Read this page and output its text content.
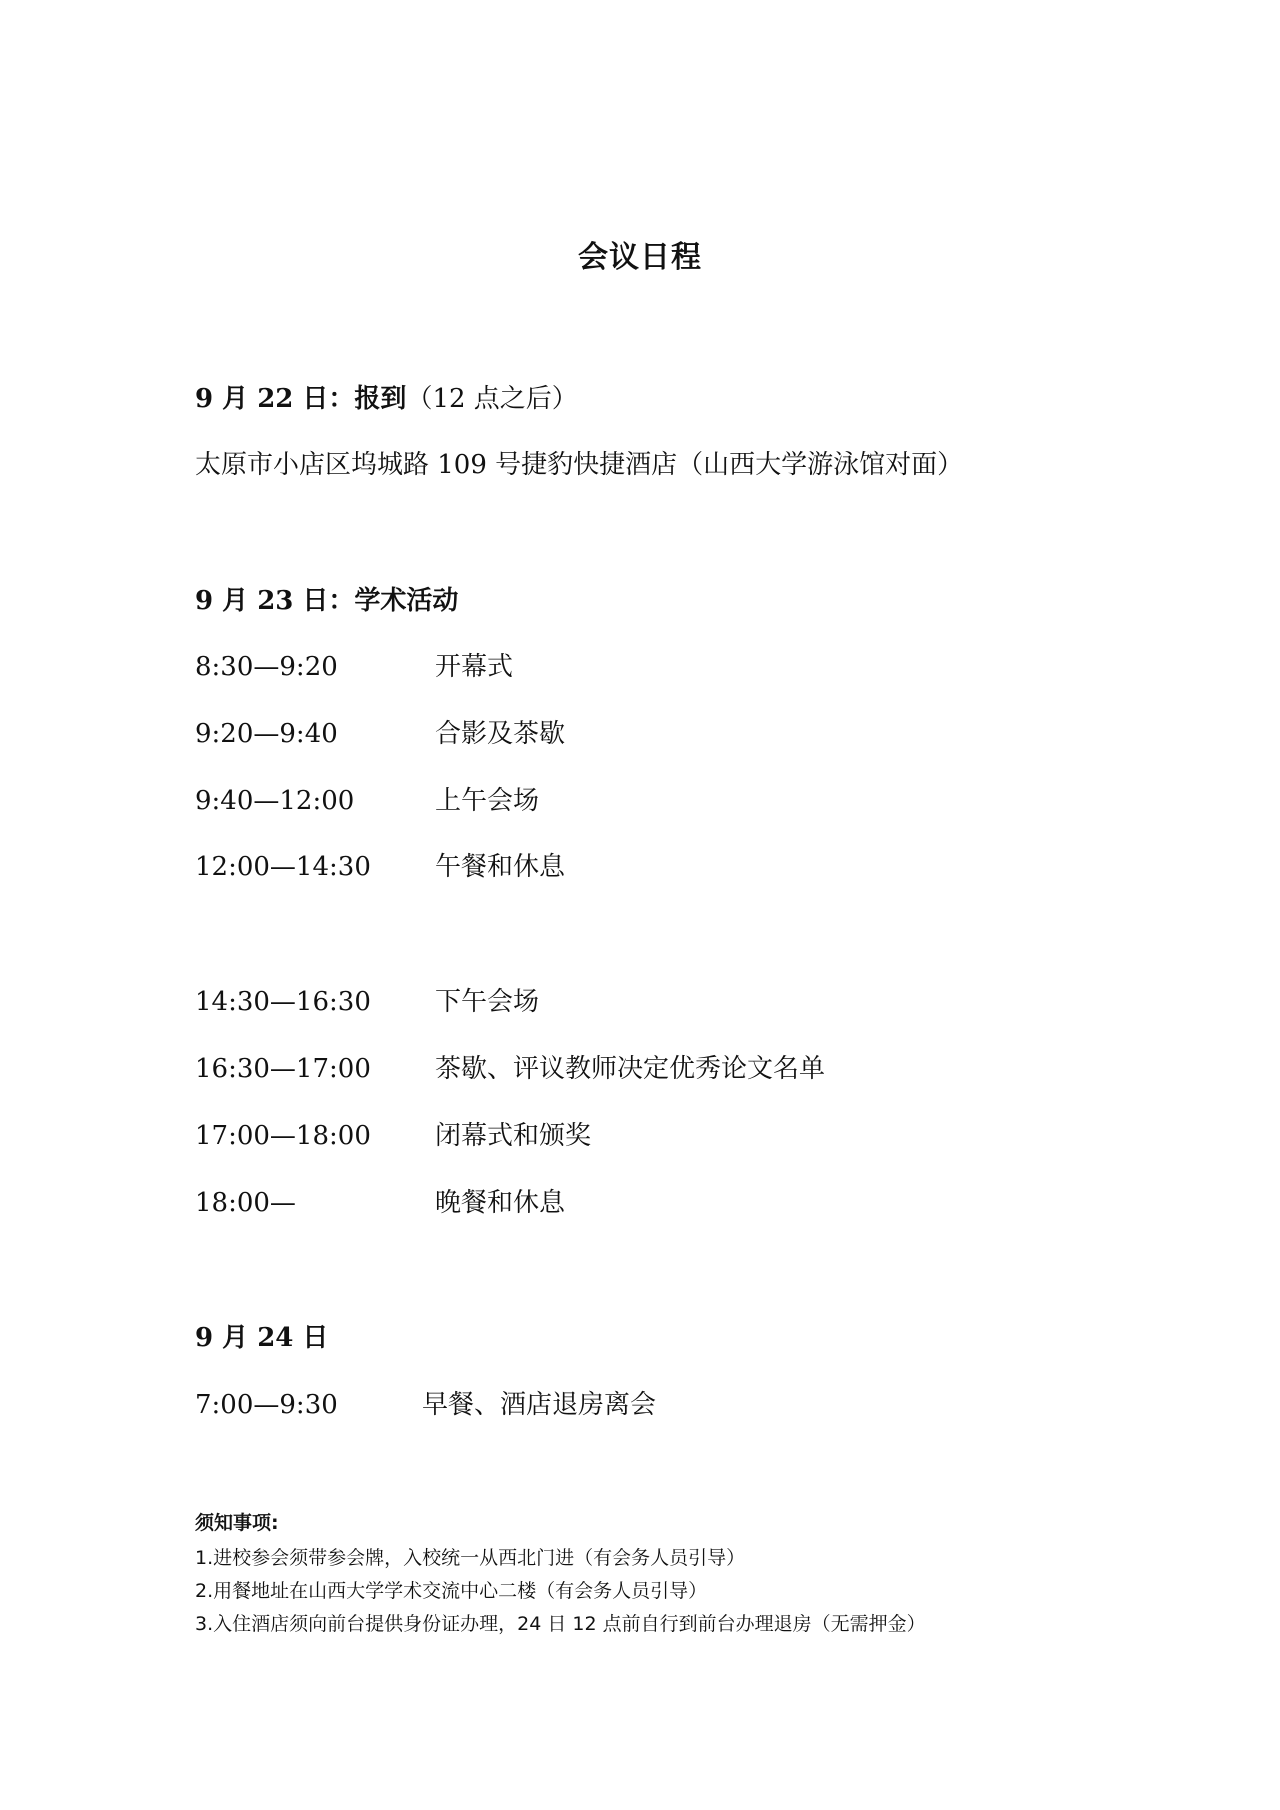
会议日程
9 月 22 日：报到（12 点之后）
太原市小店区坞城路 109 号捷豹快捷酒店（山西大学游泳馆对面）
9 月 23 日：学术活动
8:30—9:20	开幕式
9:20—9:40	合影及茶歇
9:40—12:00	上午会场
12:00—14:30 午餐和休息
14:30—16:30 下午会场
16:30—17:00 茶歇、评议教师决定优秀论文名单
17:00—18:00 闭幕式和颁奖
18:00—	晚餐和休息
9 月 24 日
7:00—9:30	早餐、酒店退房离会
须知事项:
1.进校参会须带参会牌，入校统一从西北门进（有会务人员引导）
2.用餐地址在山西大学学术交流中心二楼（有会务人员引导）
3.入住酒店须向前台提供身份证办理，24 日 12 点前自行到前台办理退房（无需押金）
